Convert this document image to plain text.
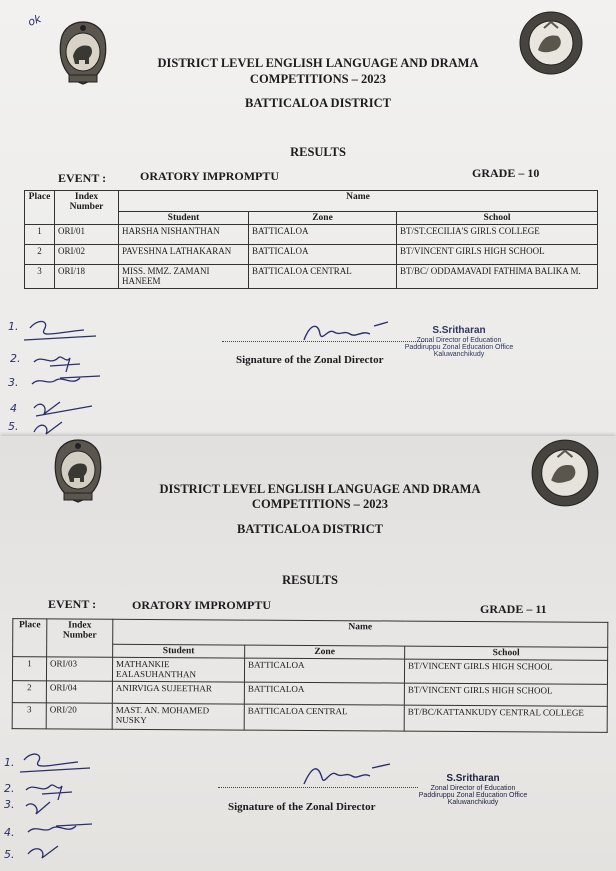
ok
DISTRICT LEVEL ENGLISH LANGUAGE AND DRAMA
COMPETITIONS – 2023
BATTICALOA DISTRICT
RESULTS
EVENT :	ORATORY IMPROMPTU	GRADE – 10
Place	Index Number	Name		
		Student	Zone	School
1	ORI/01	HARSHA NISHANTHAN	BATTICALOA	BT/ST.CECILIA'S GIRLS COLLEGE
2	ORI/02	PAVESHNA LATHAKARAN	BATTICALOA	BT/VINCENT GIRLS HIGH SCHOOL
3	ORI/18	MISS. MMZ. ZAMANI HANEEM	BATTICALOA CENTRAL	BT/BC/ ODDAMAVADI FATHIMA BALIKA M.
Signature of the Zonal Director
S.Sritharan
Zonal Director of Education
Paddiruppu Zonal Education Office
Kaluwanchikudy
1.
2.
3.
4
5.
DISTRICT LEVEL ENGLISH LANGUAGE AND DRAMA
COMPETITIONS – 2023
BATTICALOA DISTRICT
RESULTS
EVENT :	ORATORY IMPROMPTU	GRADE – 11
Place	Index Number	Name		
		Student	Zone	School
1	ORI/03	MATHANKIE EALASUHANTHAN	BATTICALOA	BT/VINCENT GIRLS HIGH SCHOOL
2	ORI/04	ANIRVIGA SUJEETHAR	BATTICALOA	BT/VINCENT GIRLS HIGH SCHOOL
3	ORI/20	MAST. AN. MOHAMED NUSKY	BATTICALOA CENTRAL	BT/BC/KATTANKUDY CENTRAL COLLEGE
Signature of the Zonal Director
S.Sritharan
Zonal Director of Education
Paddiruppu Zonal Education Office
Kaluwanchikudy
1.
2.
3.
4.
5.
